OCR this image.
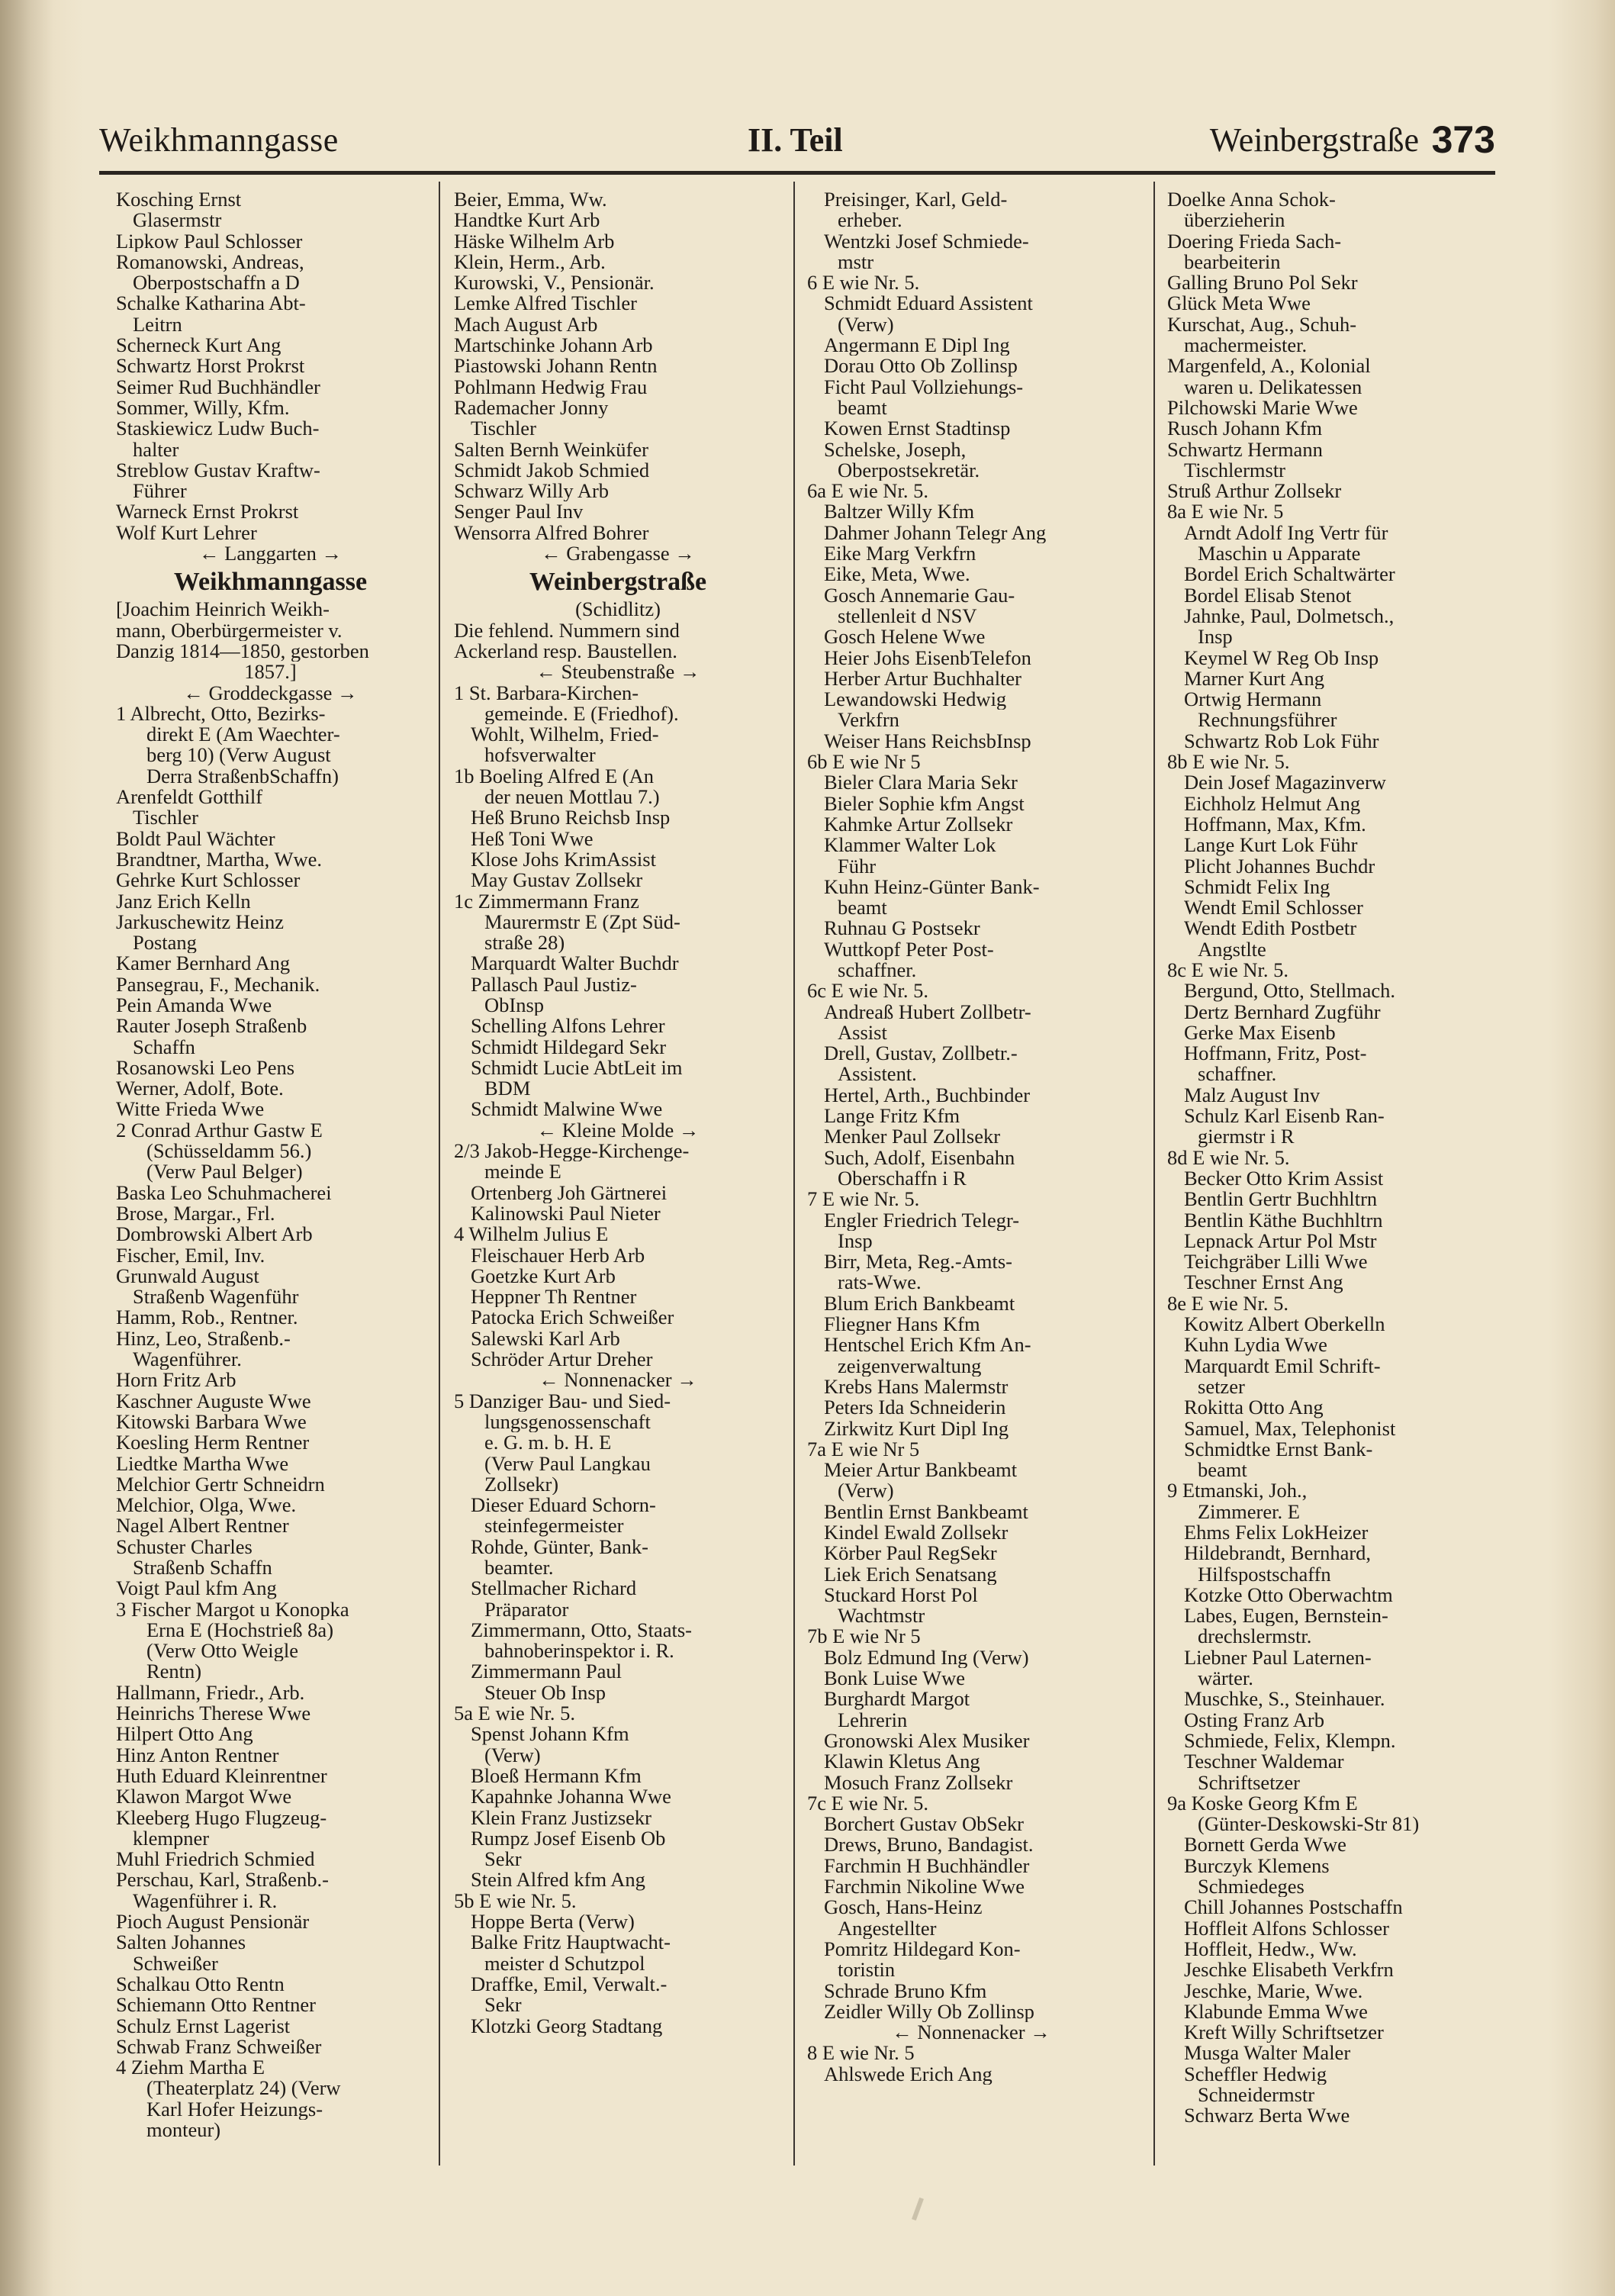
Weikhmanngasse	II. Teil	Weinbergstraße 373
Kosching Ernst
Glasermstr
Lipkow Paul Schlosser
Romanowski, Andreas,
Oberpostschaffn a D
Schalke Katharina Abt-
Leitrn
Scherneck Kurt Ang
Schwartz Horst Prokrst
Seimer Rud Buchhändler
Sommer, Willy, Kfm.
Staskiewicz Ludw Buch-
halter
Streblow Gustav Kraftw-
Führer
Warneck Ernst Prokrst
Wolf Kurt Lehrer
← Langgarten →
Weikhmanngasse
[Joachim Heinrich Weikh-
mann, Oberbürgermeister v.
Danzig 1814—1850, gestorben
1857.]
← Groddeckgasse →
1 Albrecht, Otto, Bezirks-
direkt E (Am Waechter-
berg 10) (Verw August
Derra StraßenbSchaffn)
Arenfeldt Gotthilf
Tischler
Boldt Paul Wächter
Brandtner, Martha, Wwe.
Gehrke Kurt Schlosser
Janz Erich Kelln
Jarkuschewitz Heinz
Postang
Kamer Bernhard Ang
Pansegrau, F., Mechanik.
Pein Amanda Wwe
Rauter Joseph Straßenb
Schaffn
Rosanowski Leo Pens
Werner, Adolf, Bote.
Witte Frieda Wwe
2 Conrad Arthur Gastw E
(Schüsseldamm 56.)
(Verw Paul Belger)
Baska Leo Schuhmacherei
Brose, Margar., Frl.
Dombrowski Albert Arb
Fischer, Emil, Inv.
Grunwald August
Straßenb Wagenführ
Hamm, Rob., Rentner.
Hinz, Leo, Straßenb.-
Wagenführer.
Horn Fritz Arb
Kaschner Auguste Wwe
Kitowski Barbara Wwe
Koesling Herm Rentner
Liedtke Martha Wwe
Melchior Gertr Schneidrn
Melchior, Olga, Wwe.
Nagel Albert Rentner
Schuster Charles
Straßenb Schaffn
Voigt Paul kfm Ang
3 Fischer Margot u Konopka
Erna E (Hochstrieß 8a)
(Verw Otto Weigle
Rentn)
Hallmann, Friedr., Arb.
Heinrichs Therese Wwe
Hilpert Otto Ang
Hinz Anton Rentner
Huth Eduard Kleinrentner
Klawon Margot Wwe
Kleeberg Hugo Flugzeug-
klempner
Muhl Friedrich Schmied
Perschau, Karl, Straßenb.-
Wagenführer i. R.
Pioch August Pensionär
Salten Johannes
Schweißer
Schalkau Otto Rentn
Schiemann Otto Rentner
Schulz Ernst Lagerist
Schwab Franz Schweißer
4 Ziehm Martha E
(Theaterplatz 24) (Verw
Karl Hofer Heizungs-
monteur)
Beier, Emma, Ww.
Handtke Kurt Arb
Häske Wilhelm Arb
Klein, Herm., Arb.
Kurowski, V., Pensionär.
Lemke Alfred Tischler
Mach August Arb
Martschinke Johann Arb
Piastowski Johann Rentn
Pohlmann Hedwig Frau
Rademacher Jonny
Tischler
Salten Bernh Weinküfer
Schmidt Jakob Schmied
Schwarz Willy Arb
Senger Paul Inv
Wensorra Alfred Bohrer
← Grabengasse →
Weinbergstraße
(Schidlitz)
Die fehlend. Nummern sind
Ackerland resp. Baustellen.
← Steubenstraße →
1 St. Barbara-Kirchen-
gemeinde. E (Friedhof).
Wohlt, Wilhelm, Fried-
hofsverwalter
1b Boeling Alfred E (An
der neuen Mottlau 7.)
Heß Bruno Reichsb Insp
Heß Toni Wwe
Klose Johs KrimAssist
May Gustav Zollsekr
1c Zimmermann Franz
Maurermstr E (Zpt Süd-
straße 28)
Marquardt Walter Buchdr
Pallasch Paul Justiz-
ObInsp
Schelling Alfons Lehrer
Schmidt Hildegard Sekr
Schmidt Lucie AbtLeit im
BDM
Schmidt Malwine Wwe
← Kleine Molde →
2/3 Jakob-Hegge-Kirchenge-
meinde E
Ortenberg Joh Gärtnerei
Kalinowski Paul Nieter
4 Wilhelm Julius E
Fleischauer Herb Arb
Goetzke Kurt Arb
Heppner Th Rentner
Patocka Erich Schweißer
Salewski Karl Arb
Schröder Artur Dreher
← Nonnenacker →
5 Danziger Bau- und Sied-
lungsgenossenschaft
e. G. m. b. H. E
(Verw Paul Langkau
Zollsekr)
Dieser Eduard Schorn-
steinfegermeister
Rohde, Günter, Bank-
beamter.
Stellmacher Richard
Präparator
Zimmermann, Otto, Staats-
bahnoberinspektor i. R.
Zimmermann Paul
Steuer Ob Insp
5a E wie Nr. 5.
Spenst Johann Kfm
(Verw)
Bloeß Hermann Kfm
Kapahnke Johanna Wwe
Klein Franz Justizsekr
Rumpz Josef Eisenb Ob
Sekr
Stein Alfred kfm Ang
5b E wie Nr. 5.
Hoppe Berta (Verw)
Balke Fritz Hauptwacht-
meister d Schutzpol
Draffke, Emil, Verwalt.-
Sekr
Klotzki Georg Stadtang
Preisinger, Karl, Geld-
erheber.
Wentzki Josef Schmiede-
mstr
6 E wie Nr. 5.
Schmidt Eduard Assistent
(Verw)
Angermann E Dipl Ing
Dorau Otto Ob Zollinsp
Ficht Paul Vollziehungs-
beamt
Kowen Ernst Stadtinsp
Schelske, Joseph,
Oberpostsekretär.
6a E wie Nr. 5.
Baltzer Willy Kfm
Dahmer Johann Telegr Ang
Eike Marg Verkfrn
Eike, Meta, Wwe.
Gosch Annemarie Gau-
stellenleit d NSV
Gosch Helene Wwe
Heier Johs EisenbTelefon
Herber Artur Buchhalter
Lewandowski Hedwig
Verkfrn
Weiser Hans ReichsbInsp
6b E wie Nr 5
Bieler Clara Maria Sekr
Bieler Sophie kfm Angst
Kahmke Artur Zollsekr
Klammer Walter Lok
Führ
Kuhn Heinz-Günter Bank-
beamt
Ruhnau G Postsekr
Wuttkopf Peter Post-
schaffner.
6c E wie Nr. 5.
Andreaß Hubert Zollbetr-
Assist
Drell, Gustav, Zollbetr.-
Assistent.
Hertel, Arth., Buchbinder
Lange Fritz Kfm
Menker Paul Zollsekr
Such, Adolf, Eisenbahn
Oberschaffn i R
7 E wie Nr. 5.
Engler Friedrich Telegr-
Insp
Birr, Meta, Reg.-Amts-
rats-Wwe.
Blum Erich Bankbeamt
Fliegner Hans Kfm
Hentschel Erich Kfm An-
zeigenverwaltung
Krebs Hans Malermstr
Peters Ida Schneiderin
Zirkwitz Kurt Dipl Ing
7a E wie Nr 5
Meier Artur Bankbeamt
(Verw)
Bentlin Ernst Bankbeamt
Kindel Ewald Zollsekr
Körber Paul RegSekr
Liek Erich Senatsang
Stuckard Horst Pol
Wachtmstr
7b E wie Nr 5
Bolz Edmund Ing (Verw)
Bonk Luise Wwe
Burghardt Margot
Lehrerin
Gronowski Alex Musiker
Klawin Kletus Ang
Mosuch Franz Zollsekr
7c E wie Nr. 5.
Borchert Gustav ObSekr
Drews, Bruno, Bandagist.
Farchmin H Buchhändler
Farchmin Nikoline Wwe
Gosch, Hans-Heinz
Angestellter
Pomritz Hildegard Kon-
toristin
Schrade Bruno Kfm
Zeidler Willy Ob Zollinsp
← Nonnenacker →
8 E wie Nr. 5
Ahlswede Erich Ang
Doelke Anna Schok-
überzieherin
Doering Frieda Sach-
bearbeiterin
Galling Bruno Pol Sekr
Glück Meta Wwe
Kurschat, Aug., Schuh-
machermeister.
Margenfeld, A., Kolonial
waren u. Delikatessen
Pilchowski Marie Wwe
Rusch Johann Kfm
Schwartz Hermann
Tischlermstr
Struß Arthur Zollsekr
8a E wie Nr. 5
Arndt Adolf Ing Vertr für
Maschin u Apparate
Bordel Erich Schaltwärter
Bordel Elisab Stenot
Jahnke, Paul, Dolmetsch.,
Insp
Keymel W Reg Ob Insp
Marner Kurt Ang
Ortwig Hermann
Rechnungsführer
Schwartz Rob Lok Führ
8b E wie Nr. 5.
Dein Josef Magazinverw
Eichholz Helmut Ang
Hoffmann, Max, Kfm.
Lange Kurt Lok Führ
Plicht Johannes Buchdr
Schmidt Felix Ing
Wendt Emil Schlosser
Wendt Edith Postbetr
Angstlte
8c E wie Nr. 5.
Bergund, Otto, Stellmach.
Dertz Bernhard Zugführ
Gerke Max Eisenb
Hoffmann, Fritz, Post-
schaffner.
Malz August Inv
Schulz Karl Eisenb Ran-
giermstr i R
8d E wie Nr. 5.
Becker Otto Krim Assist
Bentlin Gertr Buchhltrn
Bentlin Käthe Buchhltrn
Lepnack Artur Pol Mstr
Teichgräber Lilli Wwe
Teschner Ernst Ang
8e E wie Nr. 5.
Kowitz Albert Oberkelln
Kuhn Lydia Wwe
Marquardt Emil Schrift-
setzer
Rokitta Otto Ang
Samuel, Max, Telephonist
Schmidtke Ernst Bank-
beamt
9 Etmanski, Joh.,
Zimmerer. E
Ehms Felix LokHeizer
Hildebrandt, Bernhard,
Hilfspostschaffn
Kotzke Otto Oberwachtm
Labes, Eugen, Bernstein-
drechslermstr.
Liebner Paul Laternen-
wärter.
Muschke, S., Steinhauer.
Osting Franz Arb
Schmiede, Felix, Klempn.
Teschner Waldemar
Schriftsetzer
9a Koske Georg Kfm E
(Günter-Deskowski-Str 81)
Bornett Gerda Wwe
Burczyk Klemens
Schmiedeges
Chill Johannes Postschaffn
Hoffleit Alfons Schlosser
Hoffleit, Hedw., Ww.
Jeschke Elisabeth Verkfrn
Jeschke, Marie, Wwe.
Klabunde Emma Wwe
Kreft Willy Schriftsetzer
Musga Walter Maler
Scheffler Hedwig
Schneidermstr
Schwarz Berta Wwe
